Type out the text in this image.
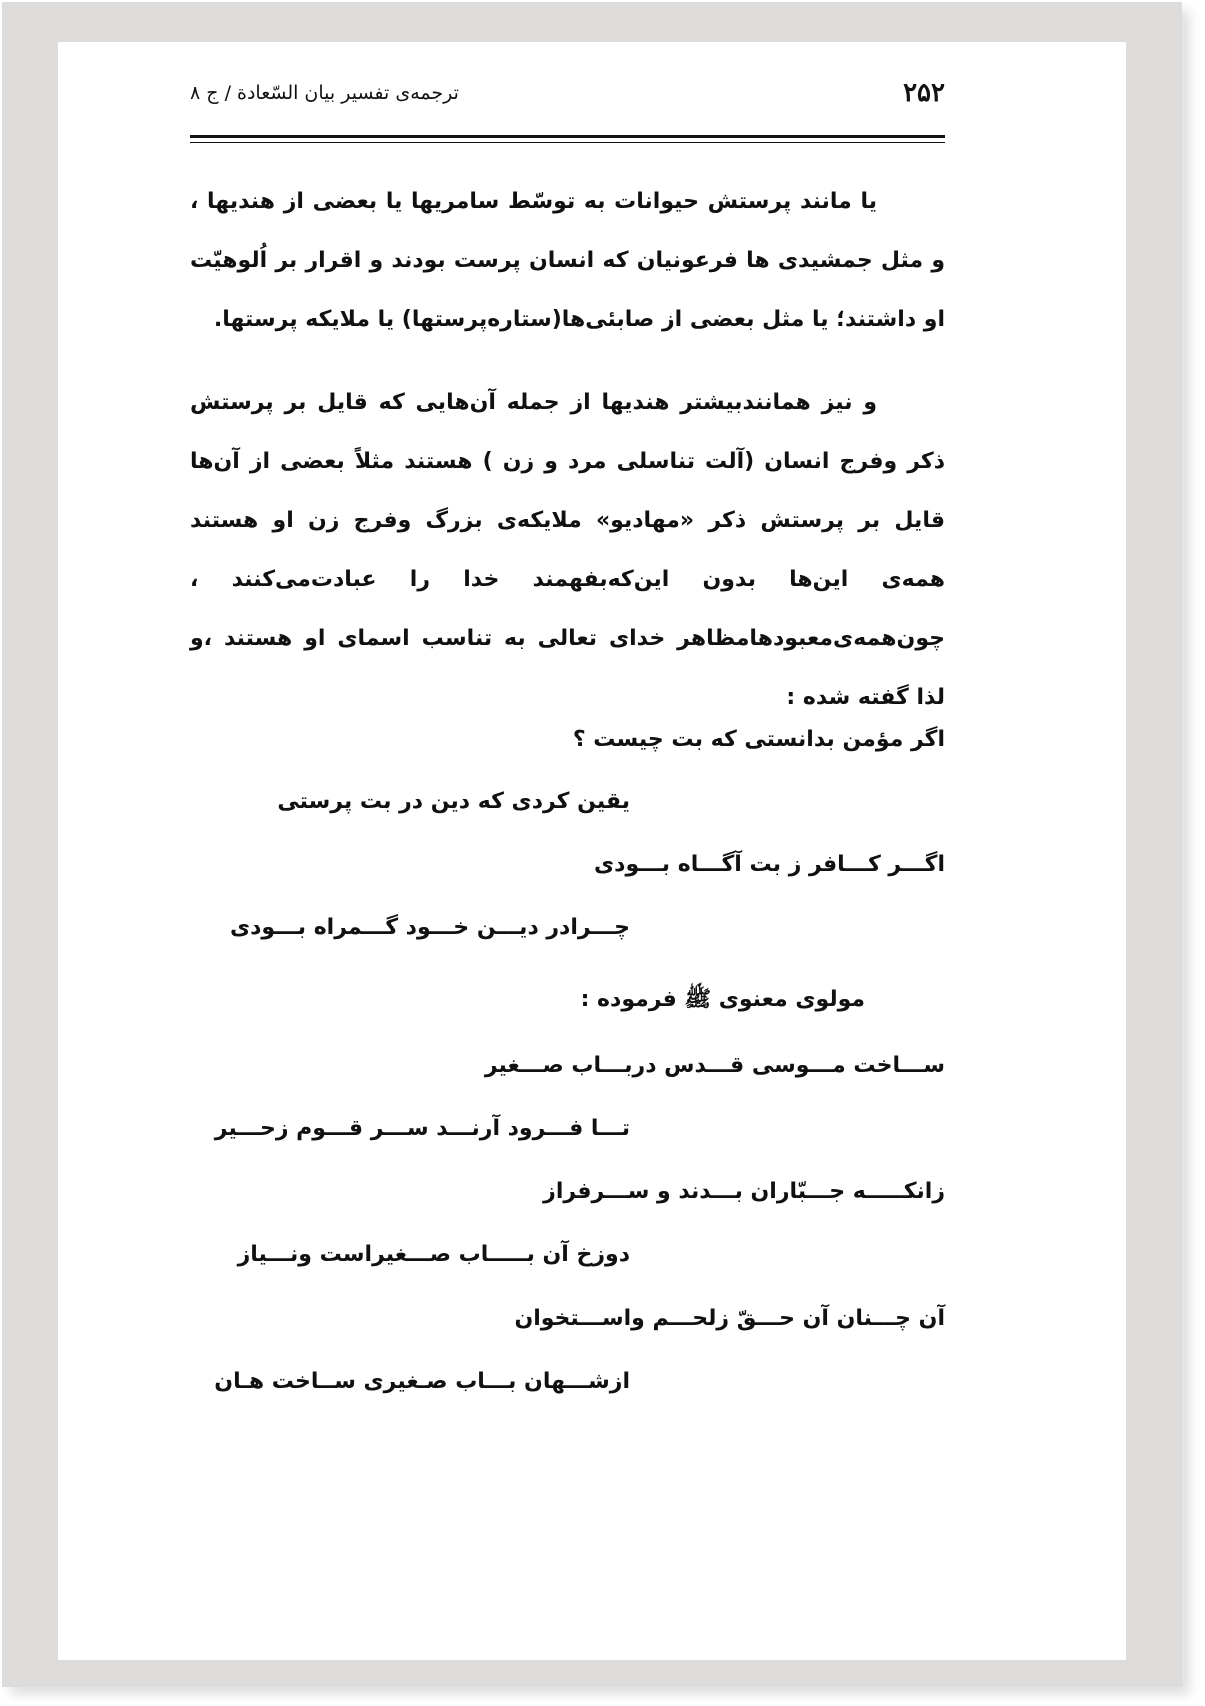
۲۵۲
ترجمه‌ی تفسیر بیان السّعادة / ج ۸

یا مانند پرستش حیوانات به توسّط سامریها یا بعضی از هندیها ، و مثل جمشیدی ها فرعونیان که انسان پرست بودند و اقرار بر اُلوهیّت او داشتند؛ یا مثل بعضی از صابئی‌ها(ستاره‌پرستها) یا ملایکه پرستها.

و نیز همانندبیشتر هندیها از جمله آن‌هایی که قایل بر پرستش ذکر وفرج انسان (آلت تناسلی مرد و زن ) هستند مثلاً بعضی از آن‌ها قایل بر پرستش ذکر «مهادیو» ملایکه‌ی بزرگ وفرج زن او هستند همه‌ی این‌ها بدون این‌که‌بفهمند خدا را عبادت‌می‌کنند ، چون‌همه‌ی‌معبودها‌مظاهر خدای تعالی به تناسب اسمای او هستند ،و لذا گفته شده :

اگر مؤمن بدانستی که بت چیست ؟
یقین کردی که دین در بت پرستی
اگـــر کـــافر ز بت آگـــاه بـــودی
چـــرادر دیـــن خـــود گـــمراه بـــودی
مولوی معنوی ﷺ فرموده :
ســـاخت مـــوسی قـــدس دربـــاب صـــغیر
تـــا فـــرود آرنـــد ســـر قـــوم زحـــیر
زانکـــــه جـــبّاران بـــدند و ســـرفراز
دوزخ آن بـــــاب صـــغیراست ونـــیاز
آن چـــنان آن حـــقّ زلحـــم واســـتخوان
ازشـــهان بـــاب صـغیری ســاخت هـان
